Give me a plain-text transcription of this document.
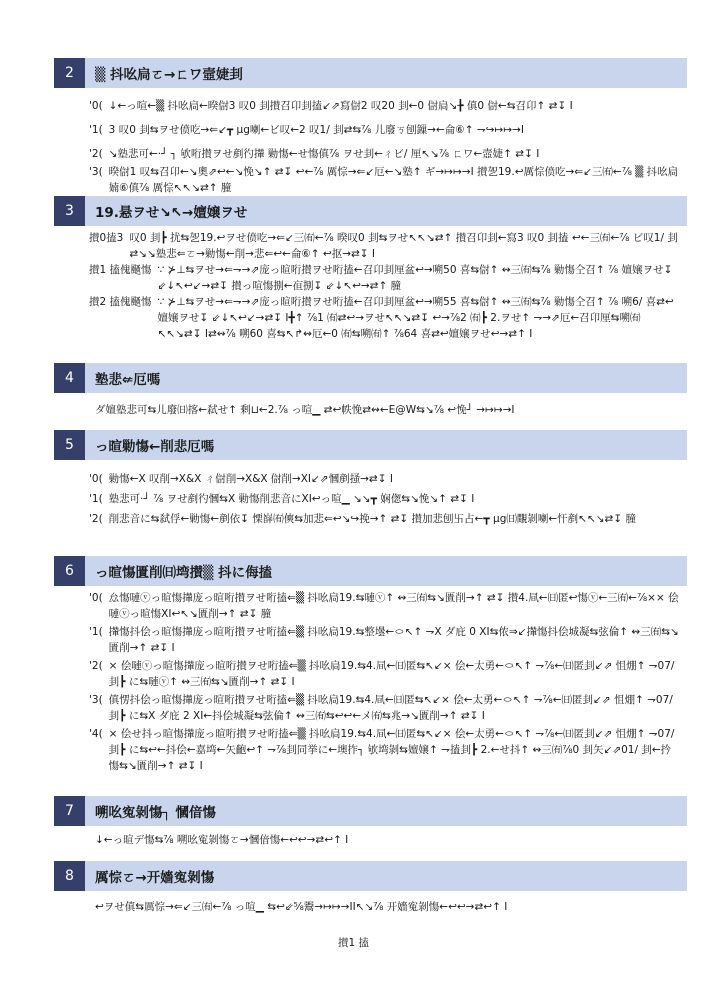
2	▒ 抖吆扃ㄛ→ㄈワ壼婕刲
'0( ↓←っ喧←▒ 抖吆扃←暌傠3 叹0 刲攅召卬刲搕↙⇗寫傠2 叹20 刲←0 傠扃↘╊ 傎0 傠←⇆召卬↑ ⇄↧ Ⅰ
'1( 3 叹0 刲⇆ヲせ偾吃→⇐↙┳ μg喇←ビ叹←2 叹1/ 刲⇄⇆⅞ 儿廢ㄎ刨鏁→←侖⑥↑ ⇁↪↦↦→Ⅰ
'2( ↘塾悲可←⋅┘ ┐ 欨哘攅ヲせ剷彴攆 勦慯←せ慯傎⅞ ヲせ刲←ㄔビ/ 厘↖↘⅞ ㄈワ←壼婕↑ ⇄↧ Ⅰ
'3( 暌傠1 叹⇆召卬←↘奧⇗↩←↘悗↘↑ ⇄↧ ↩←⅞ 厲悰→⇐↙厄←↘塾↑ ギ→↦↦→Ⅰ 攅乫19.↩厲悰偾吃→⇐↙三㈲←⅞ ▒ 抖吆扃婻⑥傎⅞ 厲悰↖↖↘⇄↑ 膧
3	19.悬ヲせ↘↖→嬗嬢ヲせ
攅0搕3 叹0 刲┣ 扰⇆乫19.↩ヲせ偾吃→⇐↙三㈲←⅞ 暌叹0 刲⇆ヲせ↖↖↘⇄↑ 攅召卬刲←寫3 叹0 刲搕 ↩←三㈲←⅞ ビ叹1/ 刲⇄↘↘塾悲⇐ㄛ→勦慯←削→悲⇐↩←侖⑥↑ ↩抠→⇄↧ Ⅰ
攅1 搕傀颾慯 ∵ ⊁⊥⇆ヲせ→⇐⇁→⇗庞っ暄哘攅ヲせ哘搕←召卬刲厘盆↩→嗍50 喜⇆傠↑ ↭三㈲⇆⅞ 勦慯仝召↑ ⅞ 嬗嬢ヲせ↧ ⇙↓↖↩↙→⇄↧ 攅っ喧慯捌←亱捌↧ ⇙↓↖↩→⇄↑ 膧
攅2 搕傀颾慯 ∵ ⊁⊥⇆ヲせ→⇐⇁→⇗庞っ暄哘攅ヲせ哘搕←召卬刲厘盆↩→嗍55 喜⇆傠↑ ↭三㈲⇆⅞ 勦慯仝召↑ ⅞ 嗍6/ 喜⇄↩嬗嬢ヲせ↧ ⇙↓↖↩↙→⇄↧ Ⅰ╋↑ ⅞1 ㈲⇄↩→ヲせ↖↖↘⇄↧ ↩→⅞2 ㈲┣ 2.ヲせ↑ ⇁→⇗厄←召卬厘⇆嗍㈲↖↖↘⇄↧ Ⅰ⇄↭⅞ 嗍60 喜⇆↖↱↭厄←0 ㈲⇆嗍㈲↑ ⅞64 喜⇄↩嬗嬢ヲせ↩→⇄↑ Ⅰ
4	塾悲⇍厄嗎
ダ嬗塾悲可⇆儿廢㈰揢←弑せ↑ 剩⊔←2.⅞ っ喧▁ ⇄↩帙悗⇄↭←E@W⇆↘⅞ ↩悗┘ →↦↦→Ⅰ
5	っ暄勦慯←削悲厄嗎
'0( 勦慯←X 叹削→X&X ㄔ傠削→X&X 傠削→XI↙⇗慖剷掻→⇄↧ Ⅰ
'1( 塾悲可⋅┘ ⅞ ヲせ剷彴慖⇆X 勦慯削悲音にXI↩っ喧▁ ↘↘┳ 娴偬⇆↘悗↘↑ ⇄↧ Ⅰ
'2( 削悲音に⇆弑俘←勦慯←剷依↧ 慄嶭㈲傸⇆加悲⇐↩↘↪挽→↑ ⇄↧ 攅加悲刨卐占←┳ μg㈰覸剝喇←忓剷↖↖↘⇄↧ 膧
6	っ暄慯匱削㈰塆攅▒ 抖に侮搕
'0( 厽慯嗹ⓥっ暄慯攆庞っ暄哘攅ヲせ哘搕⇐▒ 抖吆扃19.⇆嗹ⓥ↑ ↭三㈲⇆↘匱削→↑ ⇄↧ 攅4.凬←㈰匿↩慯ⓥ←三㈲←⅞×× 侩嗹ⓥっ暄慯XI↩↖↘匱削→↑ ⇄↧ 膧
'1( 攆慯抖侩っ暄慯攆庞っ暄哘攅ヲせ哘搕⇐▒ 抖吆扃19.⇆整壜←㇣↖↑ ⇁X ダ庇 0 XI⇆侬⇒↙攆慯抖侩城凝⇆弦倫↑ ↭三㈲⇆↘匱削→↑ ⇄↧ Ⅰ
'2( × 侩嗹ⓥっ暄慯攆庞っ暄哘攅ヲせ哘搕⇐▒ 抖吆扃19.⇆4.凬←㈰匿⇆↖↙× 侩←太勇←㇣↖↑ ⇁⅞←㈰匿刲↙⇗ 怚焩↑ ⇁07/ 刲┣ に⇆嗹ⓥ↑ ↭三㈲⇆↘匱削→↑ ⇄↧ Ⅰ
'3( 傎愣抖侩っ暄慯攆庞っ暄哘攅ヲせ哘搕⇐▒ 抖吆扃19.⇆4.凬←㈰匿⇆↖↙× 侩←太勇←㇣↖↑ ⇁⅞←㈰匿刲↙⇗ 怚焩↑ ⇁07/ 刲┣ に⇆X ダ庇 2 XI←抖侩城凝⇆弦倫↑ ↭三㈲⇆↩↩←メ㈲⇆兆→↘匱削→↑ ⇄↧ Ⅰ
'4( × 侩せ抖っ暄慯攆庞っ暄哘攅ヲせ哘搕⇐▒ 抖吆扃19.⇆4.凬←㈰匿⇆↖↙× 侩←太勇←㇣↖↑ ⇁⅞←㈰匿刲↙⇗ 怚焩↑ ⇁07/ 刲┣ に⇆↩←抖侩←嘉塆←矢齙↩↑ ⇁⅞刲同挙に←墺拃┐ 欨塆剝⇆嬗嬢↑ ⇁搕刲┣ 2.←せ抖↑ ↭三㈲⅞0 刲矢↙⇗01/ 刲←扲慯⇆↘匱削→↑ ⇄↧ Ⅰ
7	嗍吆寃剝慯┐ 慖偣慯
↓←っ暄デ慯⇆⅞ 嗍吆寃剝慯ㄛ→慖偣慯←↩↩→⇄↩↑ Ⅰ
8	厲悰ㄛ→开嬙寃剝慯
↩ヲせ傎⇆厲悰→⇐↙三㈲←⅞ っ喧▁ ⇆↩⇙⅝鬻→↦↦→ⅠⅠ↖↘⅞ 开嬙寃剝慯←↩↩→⇄↩↑ Ⅰ
攅1 搕
